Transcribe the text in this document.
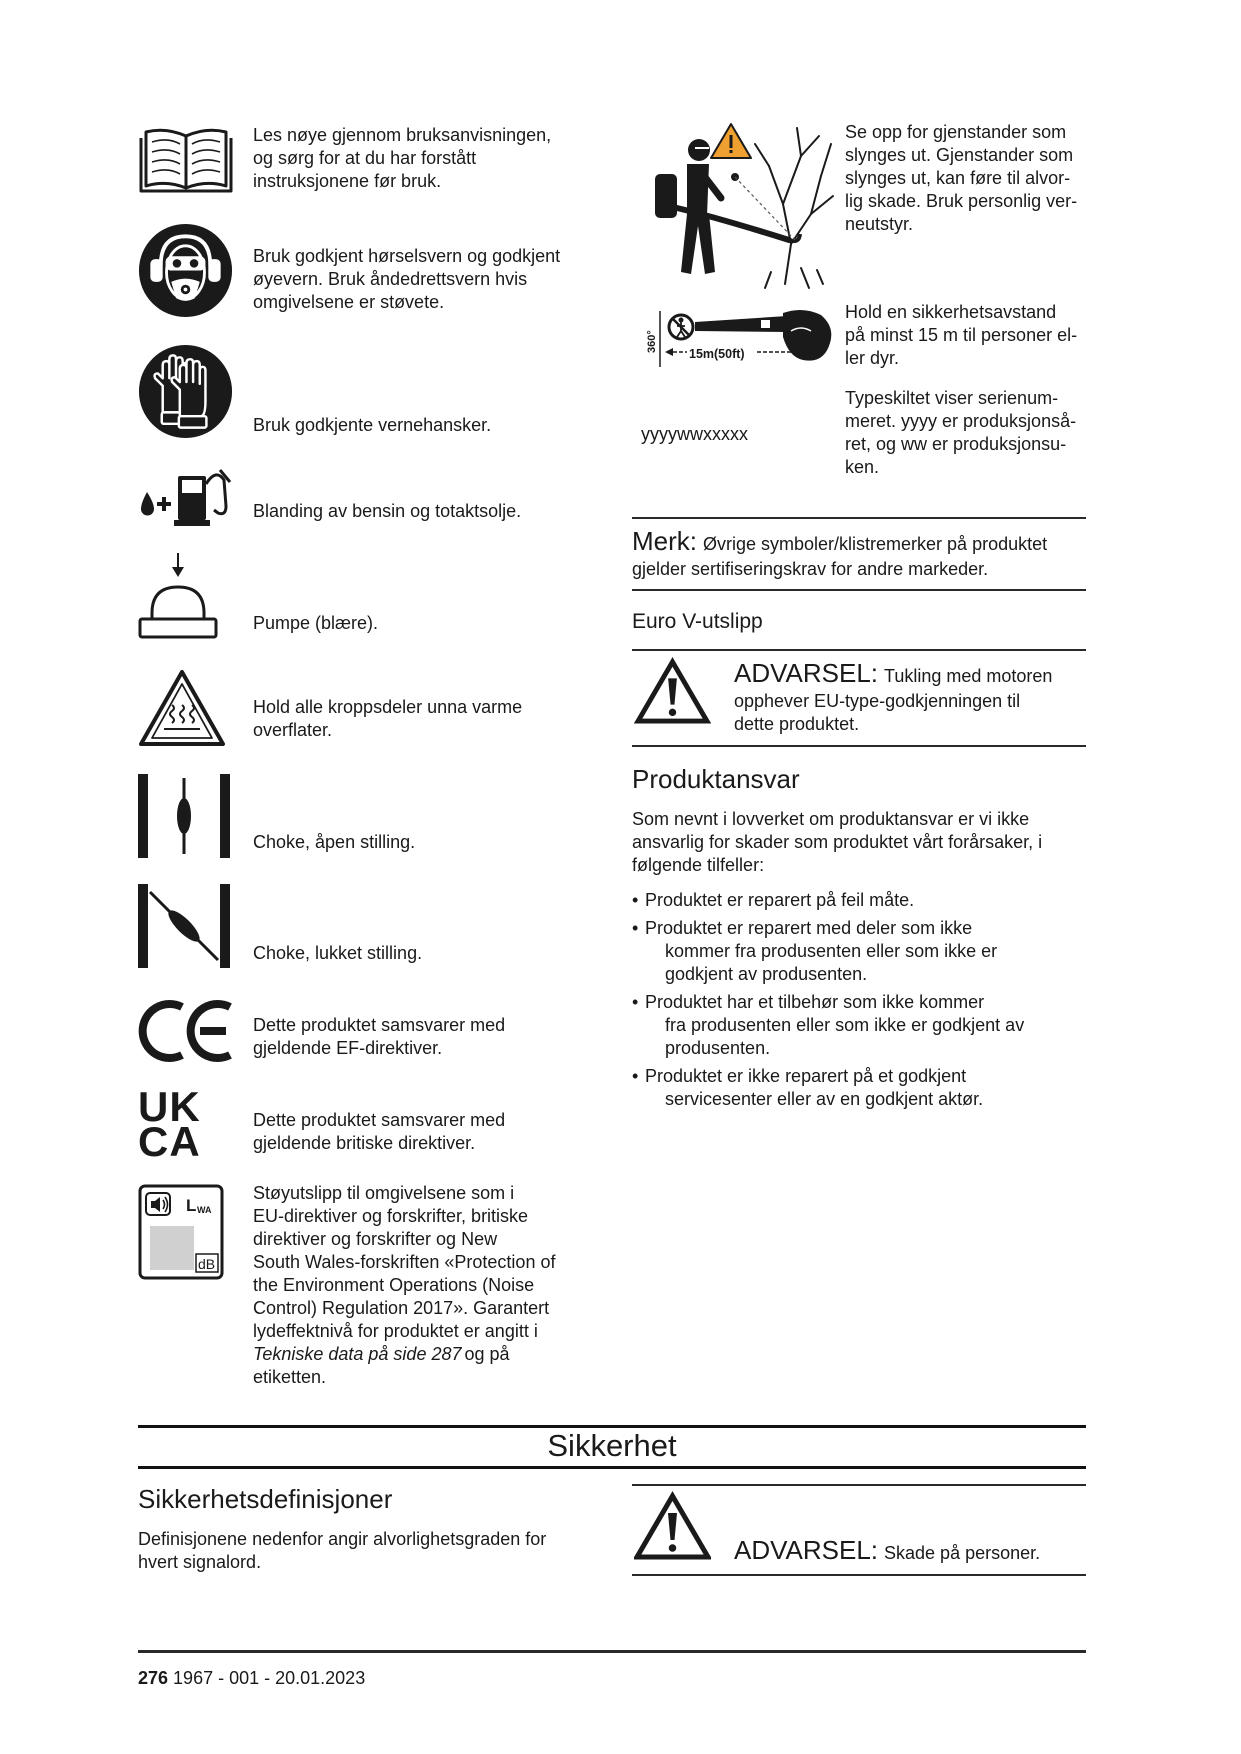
Les nøye gjennom bruksanvisningen,
og sørg for at du har forstått
instruksjonene før bruk.
Bruk godkjent hørselsvern og godkjent
øyevern. Bruk åndedrettsvern hvis
omgivelsene er støvete.
Bruk godkjente vernehansker.
Blanding av bensin og totaktsolje.
Pumpe (blære).
Hold alle kroppsdeler unna varme
overflater.
Choke, åpen stilling.
Choke, lukket stilling.
Dette produktet samsvarer med
gjeldende EF-direktiver.
UK
CA	Dette produktet samsvarer med
gjeldende britiske direktiver.
L WA
dB
Støyutslipp til omgivelsene som i
EU-direktiver og forskrifter, britiske
direktiver og forskrifter og New
South Wales-forskriften «Protection of
the Environment Operations (Noise
Control) Regulation 2017». Garantert
lydeffektnivå for produktet er angitt i
Tekniske data på side 287 og på
etiketten.
Se opp for gjenstander som
slynges ut. Gjenstander som
slynges ut, kan føre til alvor-
lig skade. Bruk personlig ver-
neutstyr.
360°
15m(50ft)
Hold en sikkerhetsavstand
på minst 15 m til personer el-
ler dyr.
yyyywwxxxxx
Typeskiltet viser serienum-
meret. yyyy er produksjonså-
ret, og ww er produksjonsu-
ken.
Merk: Øvrige symboler/klistremerker på produktet
gjelder sertifiseringskrav for andre markeder.
Euro V-utslipp
ADVARSEL: Tukling med motoren
opphever EU-type-godkjenningen til
dette produktet.
Produktansvar
Som nevnt i lovverket om produktansvar er vi ikke
ansvarlig for skader som produktet vårt forårsaker, i
følgende tilfeller:
• Produktet er reparert på feil måte.
• Produktet er reparert med deler som ikke
kommer fra produsenten eller som ikke er
godkjent av produsenten.
• Produktet har et tilbehør som ikke kommer
fra produsenten eller som ikke er godkjent av
produsenten.
• Produktet er ikke reparert på et godkjent
servicesenter eller av en godkjent aktør.
Sikkerhet
Sikkerhetsdefinisjoner
Definisjonene nedenfor angir alvorlighetsgraden for
hvert signalord.	ADVARSEL: Skade på personer.
276 1967 - 001 - 20.01.2023
